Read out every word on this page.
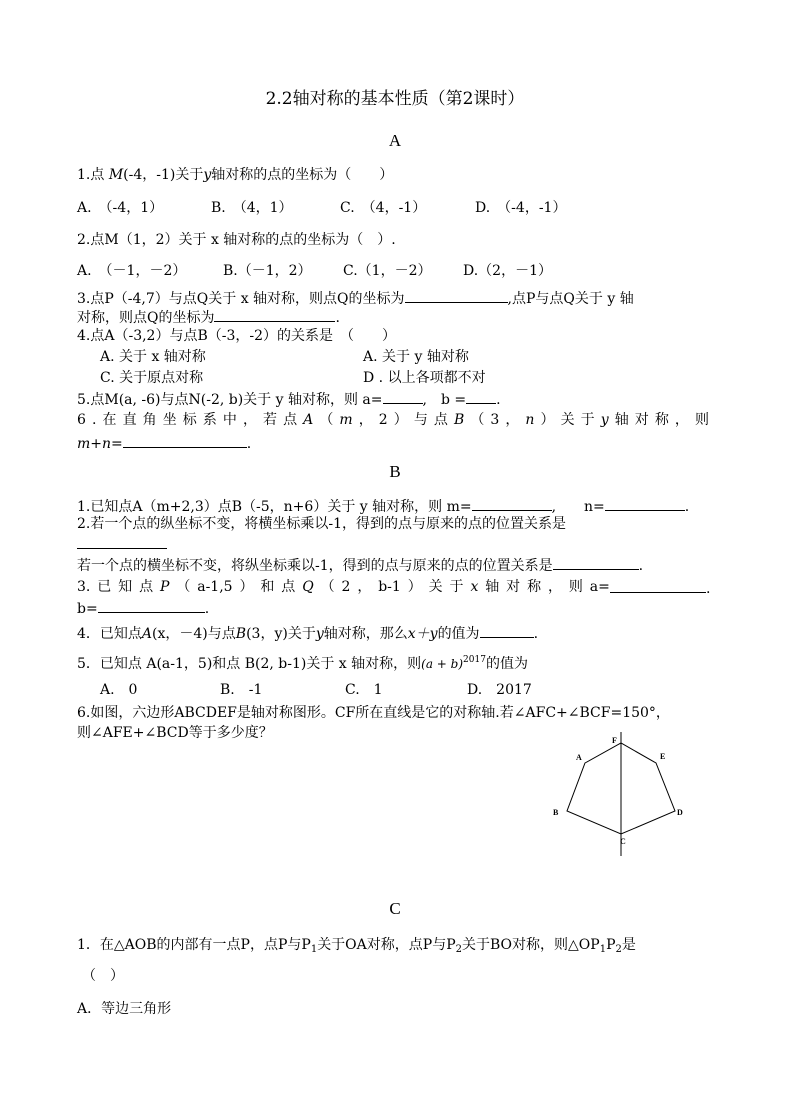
2.2轴对称的基本性质（第2课时）
A
1.点 M(-4，-1)关于y轴对称的点的坐标为（　　）
A.　（-4，1）	B.　（4，1）	C.　（4，-1）	D.　（-4，-1）
2.点M（1，2）关于 x 轴对称的点的坐标为（　）.
A.　（－1，－2）	B.（－1，2） C.（1，－2） D.（2，－1）
3.点P（-4,7）与点Q关于 x 轴对称，则点Q的坐标为	,点P与点Q关于 y 轴
对称，则点Q的坐标为	.
4.点A（-3,2）与点B（-3，-2）的关系是　（　　）
A. 关于 x 轴对称	A. 关于 y 轴对称
C. 关于原点对称	D . 以上各项都不对
5.点M(a, -6)与点N(-2, b)关于 y 轴对称，则 a=	,　b = .
6 . 在 直 角 坐 标 系 中 ， 若 点 A （ m ， 2 ） 与 点 B （ 3 ， n ） 关 于 y 轴 对 称 ， 则
m+n=	.
B
1.已知点A（m+2,3）点B（-5，n+6）关于 y 轴对称，则 m=	,　　n=	.
2.若一个点的纵坐标不变，将横坐标乘以-1，得到的点与原来的点的位置关系是
若一个点的横坐标不变，将纵坐标乘以-1，得到的点与原来的点的位置关系是	.
3. 已 知 点 P （ a-1,5 ） 和 点 Q （ 2 ， b-1 ） 关 于 x 轴 对 称 ， 则 a=	.
b=	.
4．已知点A(x，－4)与点B(3，y)关于y轴对称，那么x＋y的值为	.
5．已知点 A(a-1，5)和点 B(2, b-1)关于 x 轴对称，则$(a + b)^{2017}$的值为
A.　0	B.　-1	C.　1	D.　2017
6.如图，六边形ABCDEF是轴对称图形。CF所在直线是它的对称轴.若∠AFC+∠BCF=150°，
则∠AFE+∠BCD等于多少度？
A
B
C
D
E
F
C
1．在△AOB的内部有一点P，点P与$P_1$关于OA对称，点P与$P_2$关于BO对称，则$\triangle OP_1P_2$是
（　）
A．等边三角形
